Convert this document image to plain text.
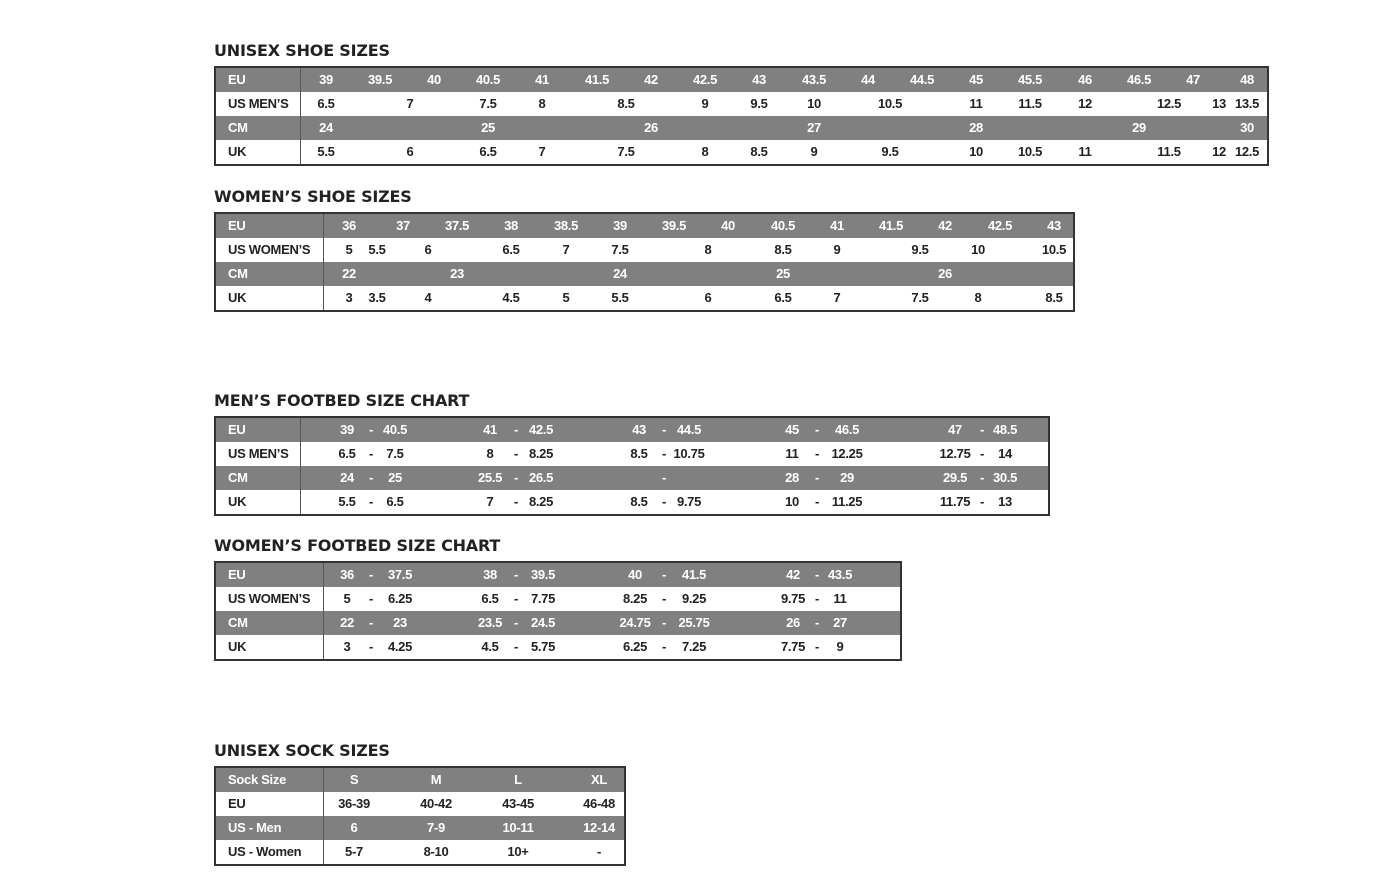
UNISEX SHOE SIZES
EU	39	39.5	40	40.5	41	41.5	42	42.5	43	43.5	44	44.5	45	45.5	46	46.5	47	48
US MEN’S	6.5	7	7.5	8	8.5	9	9.5	10	10.5	11	11.5	12	12.5	13 13.5
CM	24	25	26	27	28	29	30
UK	5.5	6	6.5	7	7.5	8	8.5	9	9.5	10	10.5	11	11.5	12 12.5
WOMEN’S SHOE SIZES
EU	36	37	37.5	38	38.5	39	39.5	40	40.5	41	41.5	42	42.5	43
US WOMEN’S	5	5.5	6	6.5	7	7.5	8	8.5	9	9.5	10	10.5
CM	22	23	24	25	26
UK	3	3.5	4	4.5	5	5.5	6	6.5	7	7.5	8	8.5
MEN’S FOOTBED SIZE CHART
EU	39	- 40.5	41	- 42.5	43	- 44.5	45	-	46.5	47	- 48.5
US MEN’S	6.5	-	7.5	8	- 8.25	8.5	- 10.75	11	- 12.25	12.75 -	14
CM	24	-	25	25.5 - 26.5	-	28	-	29	29.5 - 30.5
UK	5.5	-	6.5	7	- 8.25	8.5	- 9.75	10	- 11.25	11.75 -	13
WOMEN’S FOOTBED SIZE CHART
EU	36	-	37.5	38	- 39.5	40	-	41.5	42	- 43.5
US WOMEN’S	5	-	6.25	6.5	- 7.75	8.25	-	9.25	9.75 -	11
CM	22	-	23	23.5 - 24.5	24.75 - 25.75	26	-	27
UK	3	-	4.25	4.5	- 5.75	6.25	-	7.25	7.75 -	9
UNISEX SOCK SIZES
Sock Size	S	M	L	XL
EU	36-39	40-42	43-45	46-48
US - Men	6	7-9	10-11	12-14
US - Women	5-7	8-10	10+	-
